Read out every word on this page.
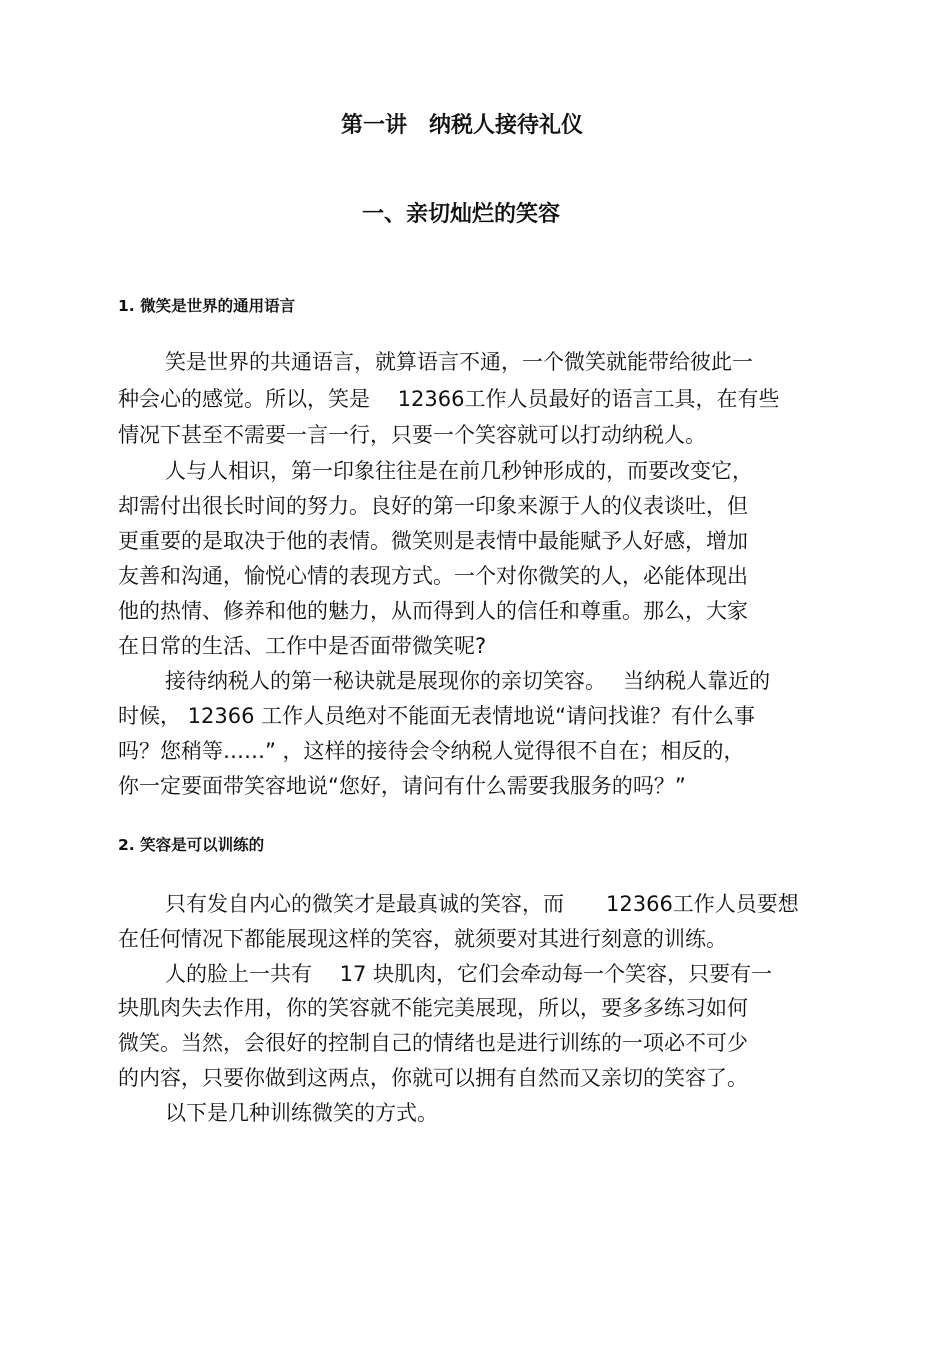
第一讲　纳税人接待礼仪
一、亲切灿烂的笑容
1. 微笑是世界的通用语言

笑是世界的共通语言，就算语言不通，一个微笑就能带给彼此一

种会心的感觉。所以，笑是　 12366工作人员最好的语言工具，在有些

情况下甚至不需要一言一行，只要一个笑容就可以打动纳税人。

人与人相识，第一印象往往是在前几秒钟形成的，而要改变它，

却需付出很长时间的努力。良好的第一印象来源于人的仪表谈吐，但

更重要的是取决于他的表情。微笑则是表情中最能赋予人好感，增加

友善和沟通，愉悦心情的表现方式。一个对你微笑的人，必能体现出

他的热情、修养和他的魅力，从而得到人的信任和尊重。那么，大家

在日常的生活、工作中是否面带微笑呢?

接待纳税人的第一秘诀就是展现你的亲切笑容。　 当纳税人靠近的

时候， 12366 工作人员绝对不能面无表情地说“请问找谁？有什么事

吗？您稍等……” ，这样的接待会令纳税人觉得很不自在；相反的，

你一定要面带笑容地说“您好，请问有什么需要我服务的吗？”

2. 笑容是可以训练的

只有发自内心的微笑才是最真诚的笑容，而　　12366工作人员要想

在任何情况下都能展现这样的笑容，就须要对其进行刻意的训练。

人的脸上一共有　 17 块肌肉，它们会牵动每一个笑容，只要有一

块肌肉失去作用，你的笑容就不能完美展现，所以，要多多练习如何

微笑。当然，会很好的控制自己的情绪也是进行训练的一项必不可少

的内容，只要你做到这两点，你就可以拥有自然而又亲切的笑容了。

以下是几种训练微笑的方式。
